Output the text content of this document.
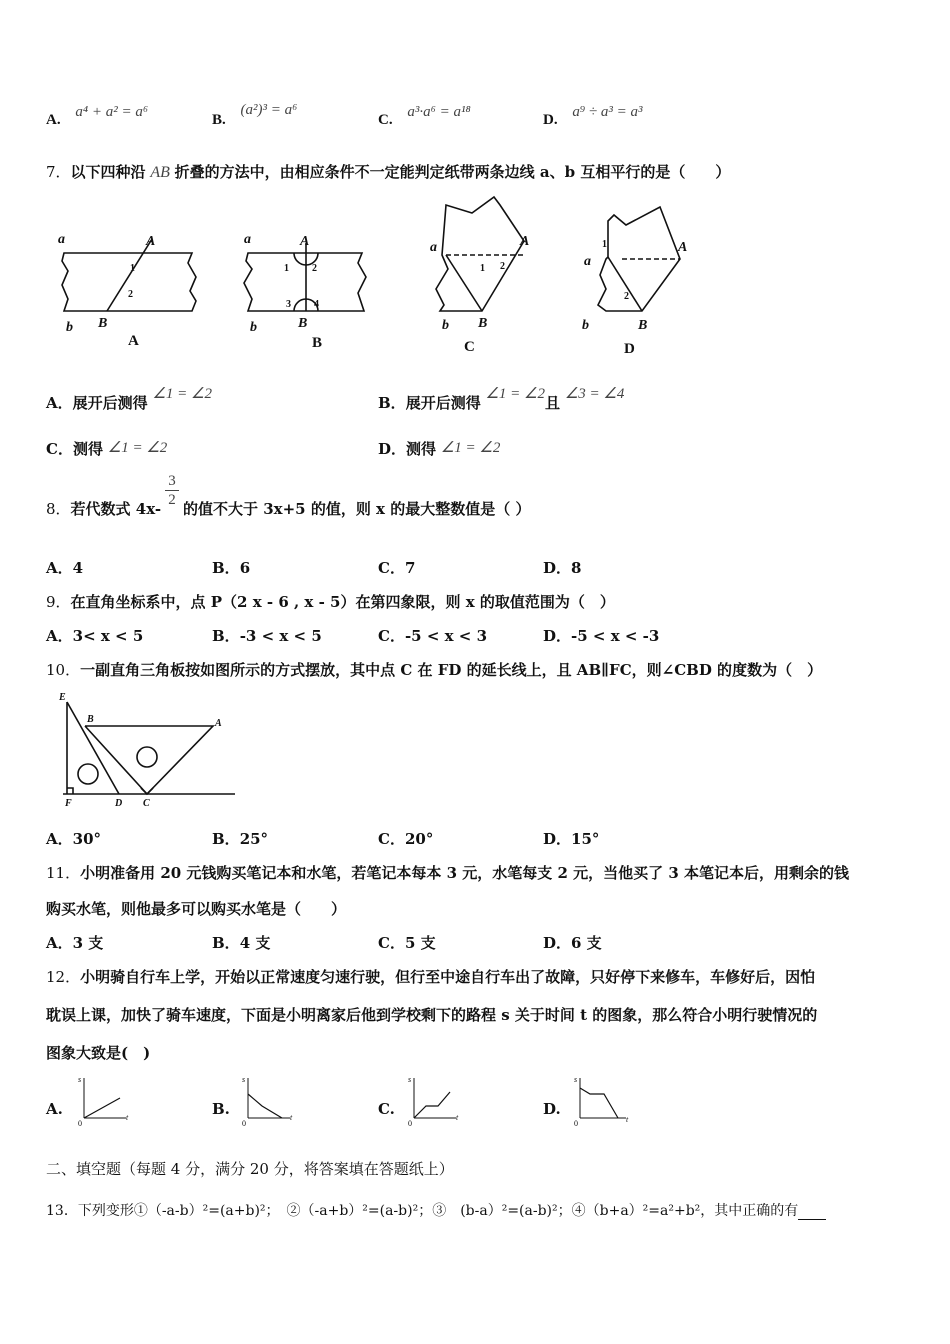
A. a⁴ + a² = a⁶	B. (a²)³ = a⁶
C. a³·a⁶ = a¹⁸	D. a⁹ ÷ a³ = a³
7．以下四种沿 AB 折叠的方法中，由相应条件不一定能判定纸带两条边线 a、b 互相平行的是（　　）
a
b
A
B
a
b
A
B
a
b
A
B
a
b
A
B
1
2
1 2
3 4
1 2
1
2
A	B	C	D
A．展开后测得 ∠1 = ∠2	B．展开后测得 ∠1 = ∠2且 ∠3 = ∠4
C．测得 ∠1 = ∠2	D．测得 ∠1 = ∠2
8．若代数式 4x-
3
2 的值不大于 3x+5 的值，则 x 的最大整数值是（ ）
A．4	B．6	C．7	D．8
9．在直角坐标系中，点 P（2 x - 6 , x - 5）在第四象限，则 x 的取值范围为（　）
A．3< x < 5	B．-3 < x < 5	C．-5 < x < 3	D．-5 < x < -3
10．一副直角三角板按如图所示的方式摆放，其中点 C 在 FD 的延长线上，且 AB∥FC，则∠CBD 的度数为（　）
E
B	A
F	D C
A．30°	B．25°	C．20°	D．15°
11．小明准备用 20 元钱购买笔记本和水笔，若笔记本每本 3 元，水笔每支 2 元，当他买了 3 本笔记本后，用剩余的钱
购买水笔，则他最多可以购买水笔是（　　）
A．3 支	B．4 支	C．5 支	D．6 支
12．小明骑自行车上学，开始以正常速度匀速行驶，但行至中途自行车出了故障，只好停下来修车，车修好后，因怕
耽误上课，加快了骑车速度，下面是小明离家后他到学校剩下的路程 s 关于时间 t 的图象，那么符合小明行驶情况的
图象大致是(　)
A.
s
t
0
B.
s
t
0
C.
s
t
0
D.
s
t
0
二、填空题（每题 4 分，满分 20 分，将答案填在答题纸上）
13．下列变形①（-a-b）²=(a+b)²；　②（-a+b）²=(a-b)²；③　(b-a）²=(a-b)²；④（b+a）²=a²+b²，其中正确的有
